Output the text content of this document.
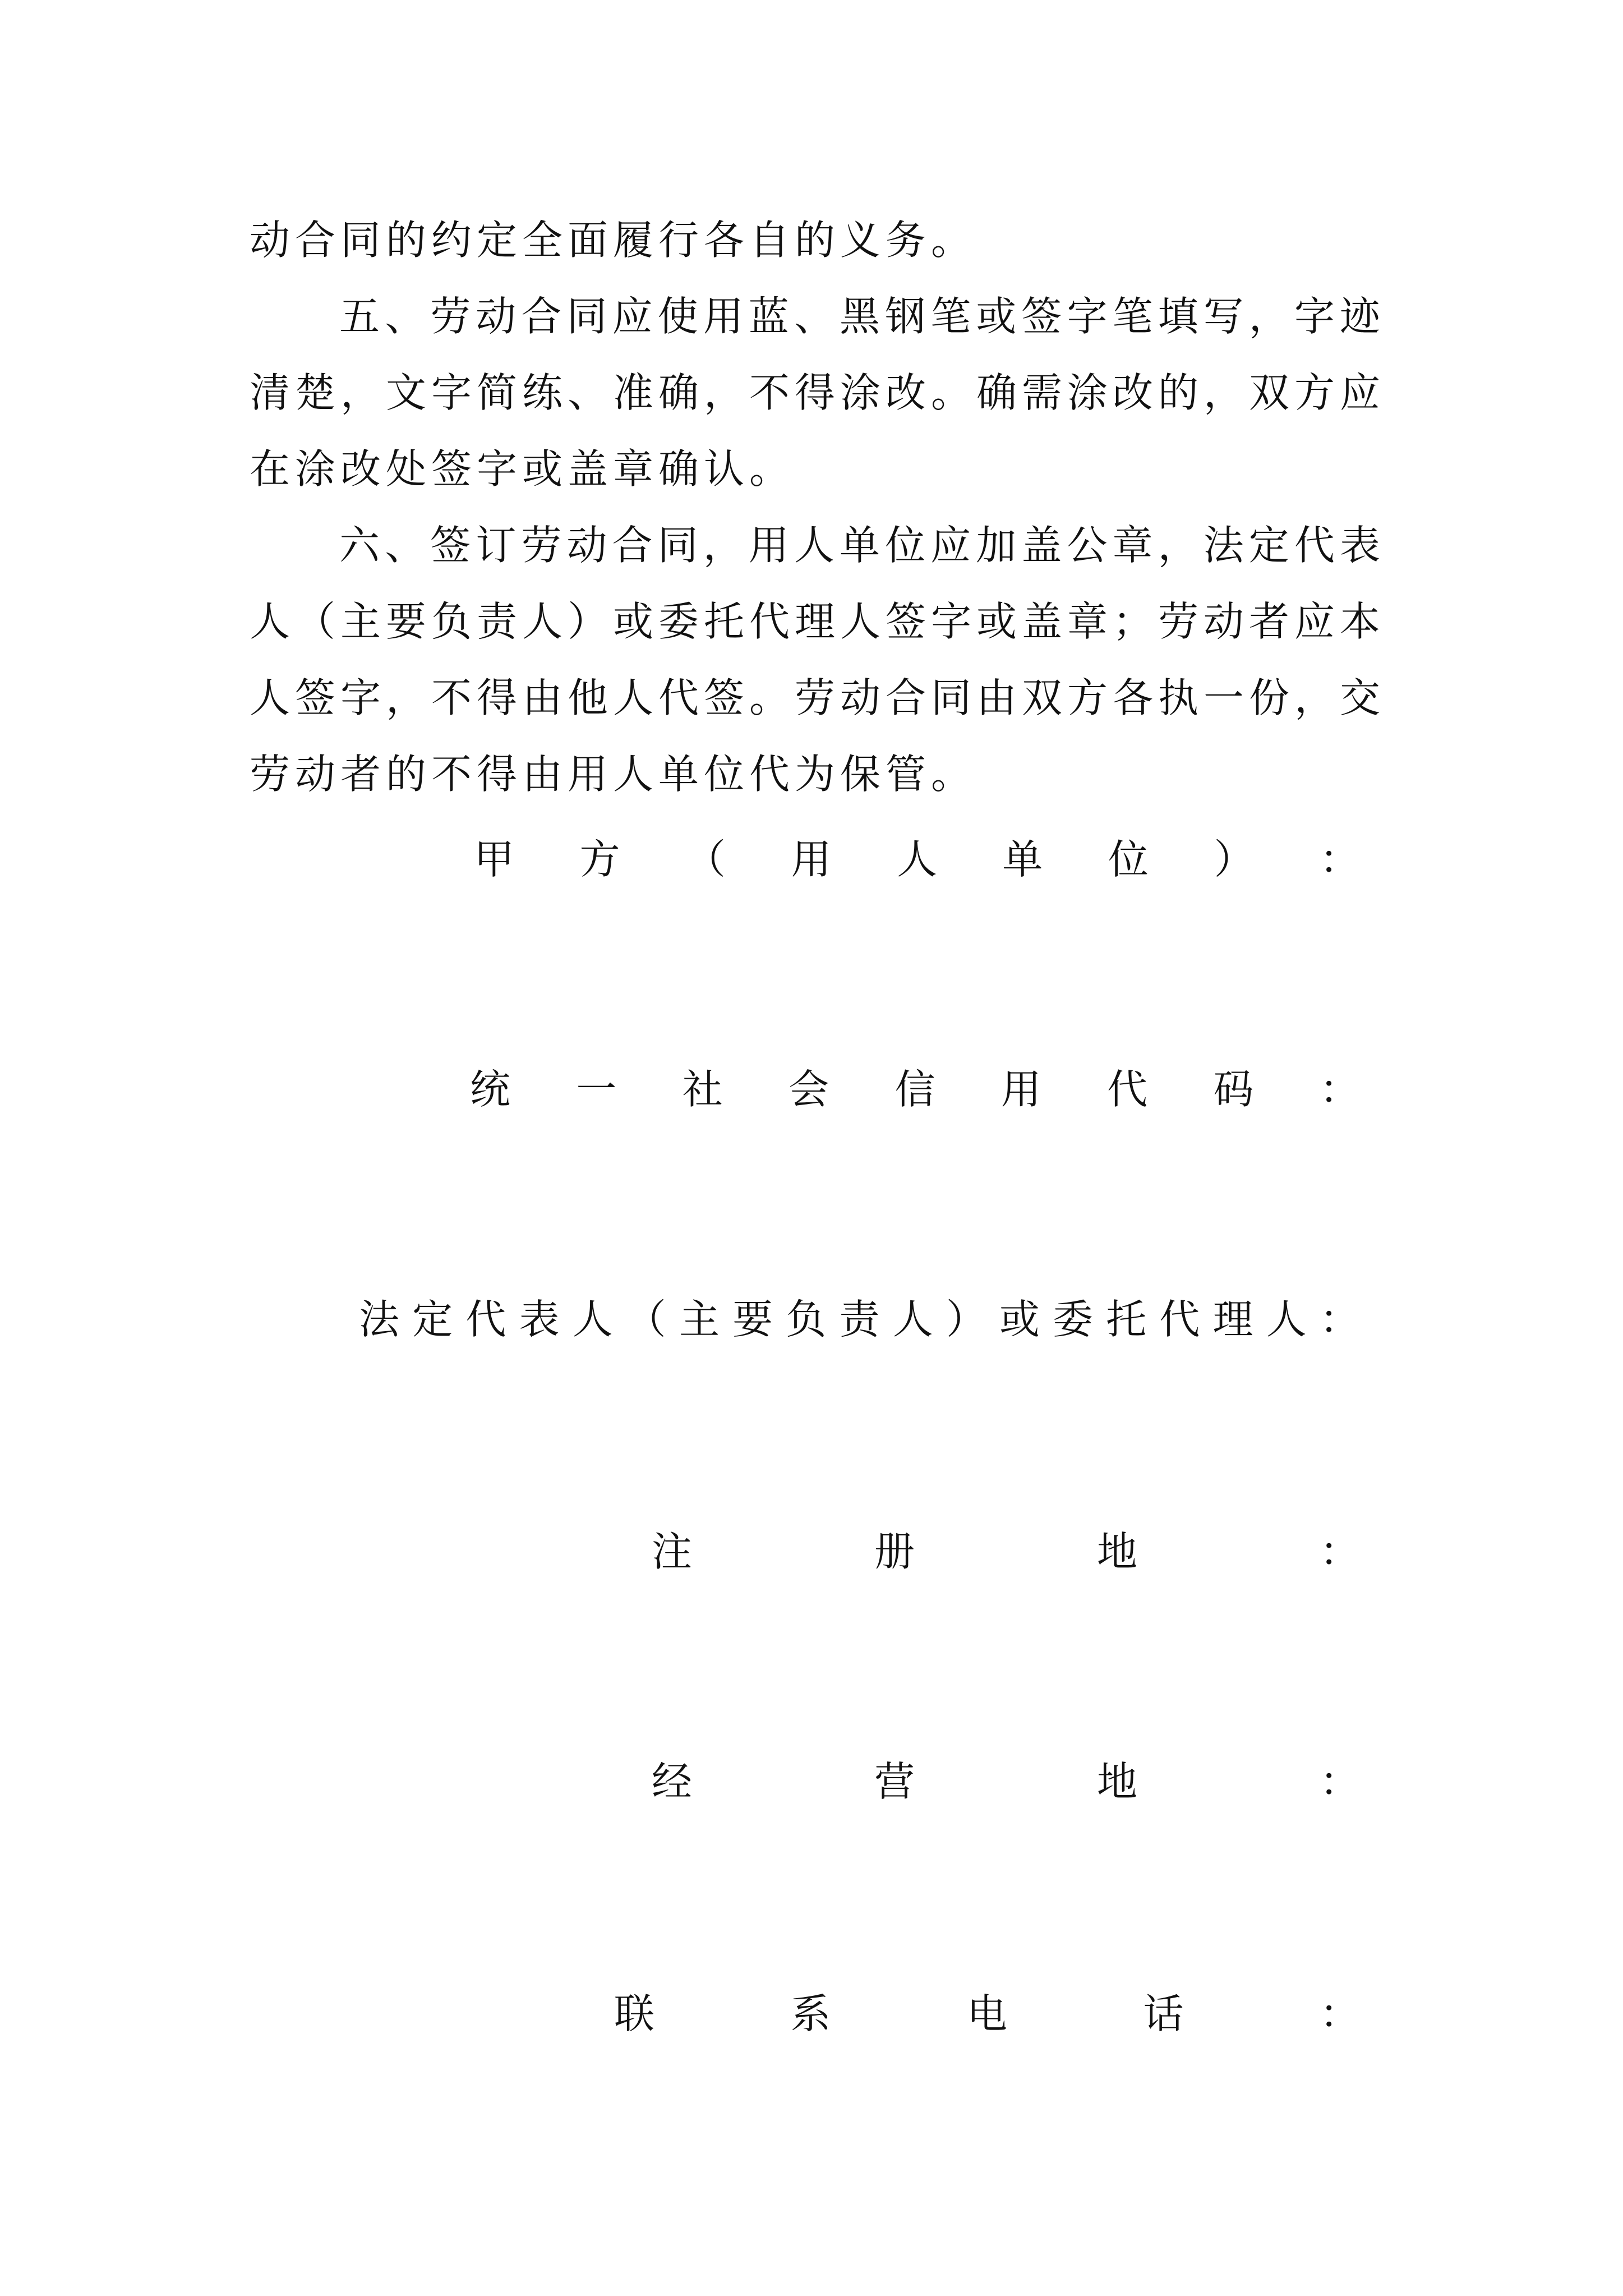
动合同的约定全面履行各自的义务。

五、劳动合同应使用蓝、黑钢笔或签字笔填写，字迹清楚，文字简练、准确，不得涂改。确需涂改的，双方应在涂改处签字或盖章确认。

六、签订劳动合同，用人单位应加盖公章，法定代表人（主要负责人）或委托代理人签字或盖章；劳动者应本人签字，不得由他人代签。劳动合同由双方各执一份，交劳动者的不得由用人单位代为保管。

甲 方 （ 用 人 单 位 ） ：
统 一 社 会 信 用 代 码 ：
法 定 代 表 人 （ 主 要 负 责 人 ） 或 委 托 代 理 人 ：
注	册	地	：
经	营	地	：
联	系	电	话	：
